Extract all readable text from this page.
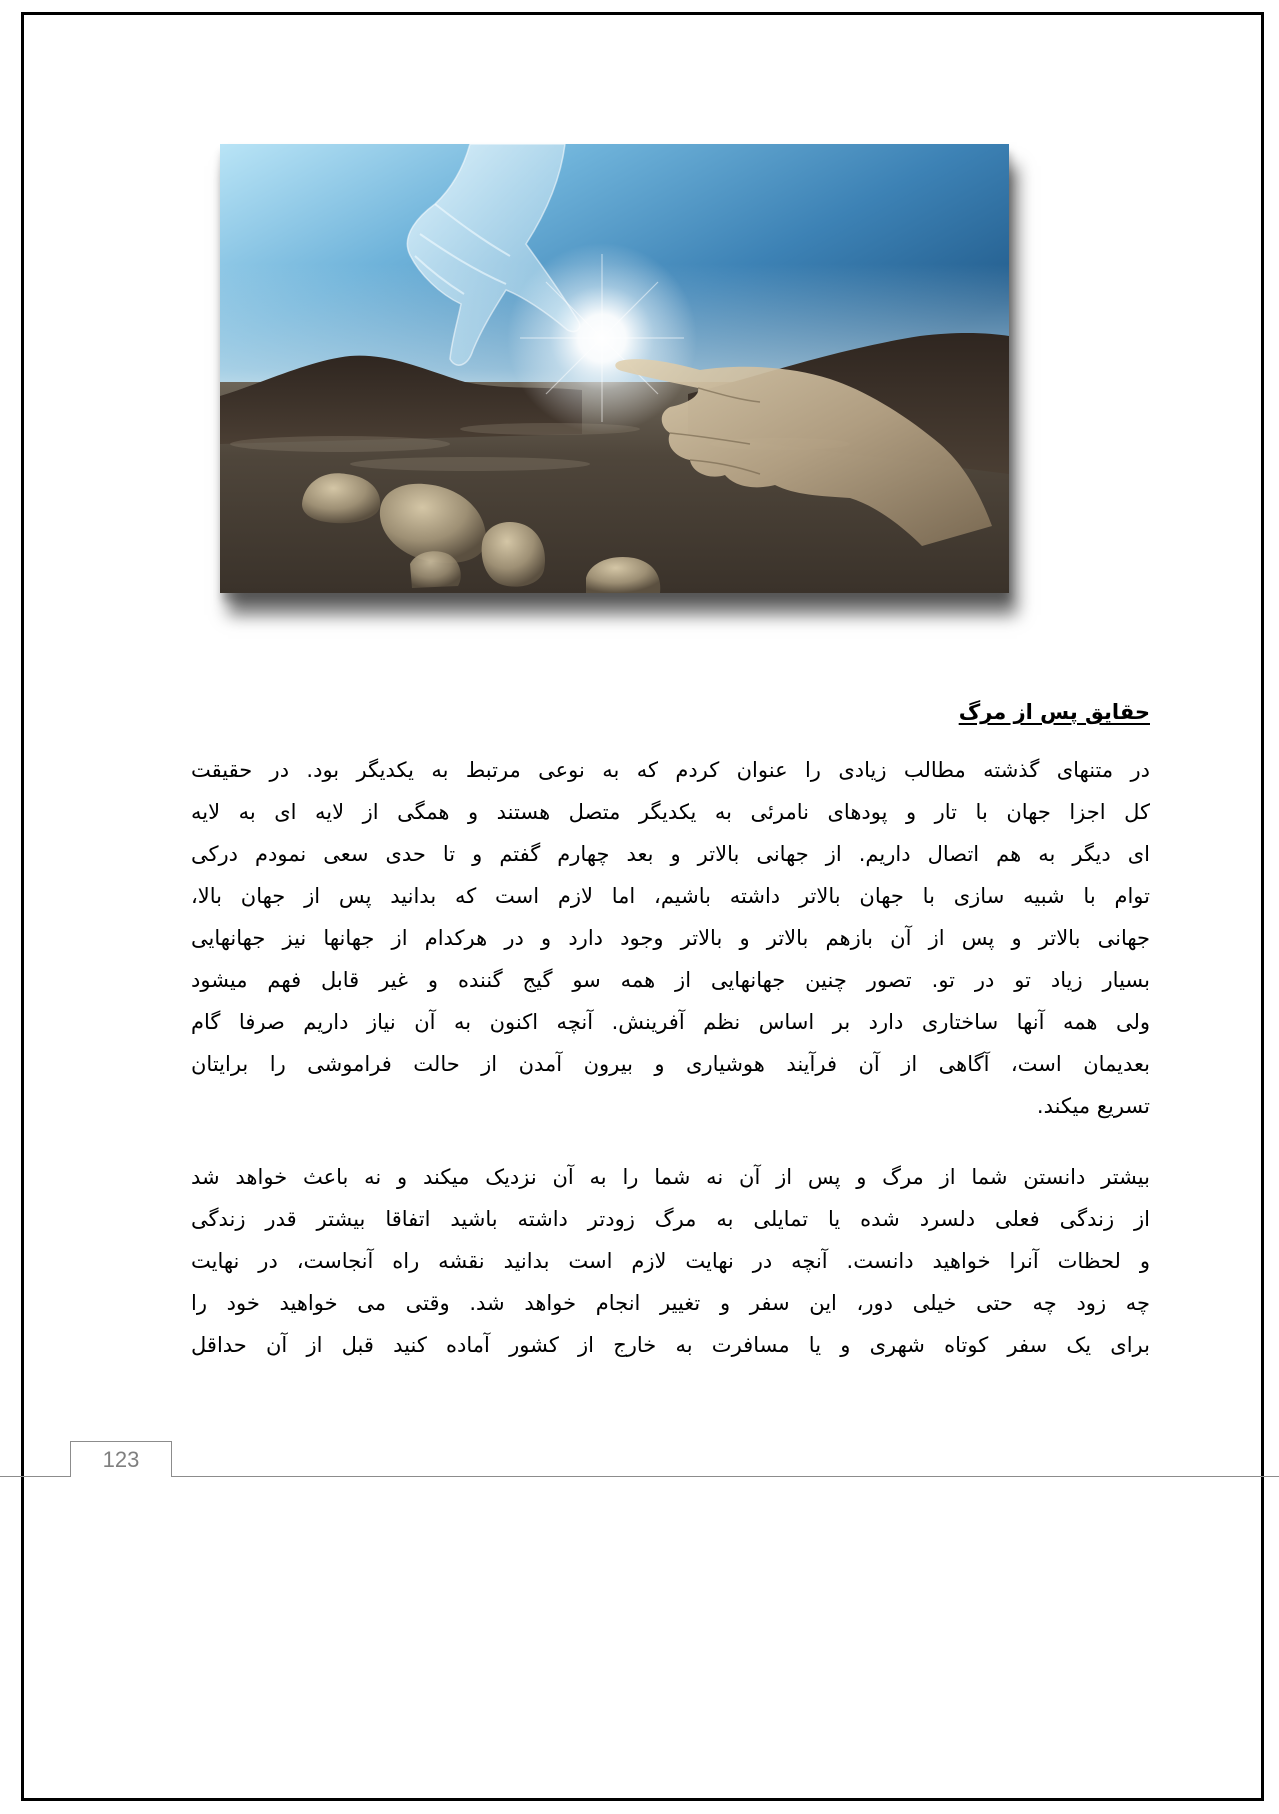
حقایق پس از مرگ
در متنهای گذشته مطالب زیادی را عنوان کردم که به نوعی مرتبط به یکدیگر بود. در حقیقت
کل اجزا جهان با تار و پودهای نامرئی به یکدیگر متصل هستند و همگی از لایه ای به لایه
ای دیگر به هم اتصال داریم. از جهانی بالاتر و بعد چهارم گفتم و تا حدی سعی نمودم درکی
توام با شبیه سازی با جهان بالاتر داشته باشیم، اما لازم است که بدانید پس از جهان بالا،
جهانی بالاتر و پس از آن بازهم بالاتر و بالاتر وجود دارد و در هرکدام از جهانها نیز جهانهایی
بسیار زیاد تو در تو. تصور چنین جهانهایی از همه سو گیج گننده و غیر قابل فهم میشود
ولی همه آنها ساختاری دارد بر اساس نظم آفرینش. آنچه اکنون به آن نیاز داریم صرفا گام
بعدیمان است، آگاهی از آن فرآیند هوشیاری و بیرون آمدن از حالت فراموشی را برایتان
تسریع میکند.
بیشتر دانستن شما از مرگ و پس از آن نه شما را به آن نزدیک میکند و نه باعث خواهد شد
از زندگی فعلی دلسرد شده یا تمایلی به مرگ زودتر داشته باشید اتفاقا بیشتر قدر زندگی
و لحظات آنرا خواهید دانست. آنچه در نهایت لازم است بدانید نقشه راه آنجاست، در نهایت
چه زود چه حتی خیلی دور، این سفر و تغییر انجام خواهد شد. وقتی می خواهید خود را
برای یک سفر کوتاه شهری و یا مسافرت به خارج از کشور آماده کنید قبل از آن حداقل
123
